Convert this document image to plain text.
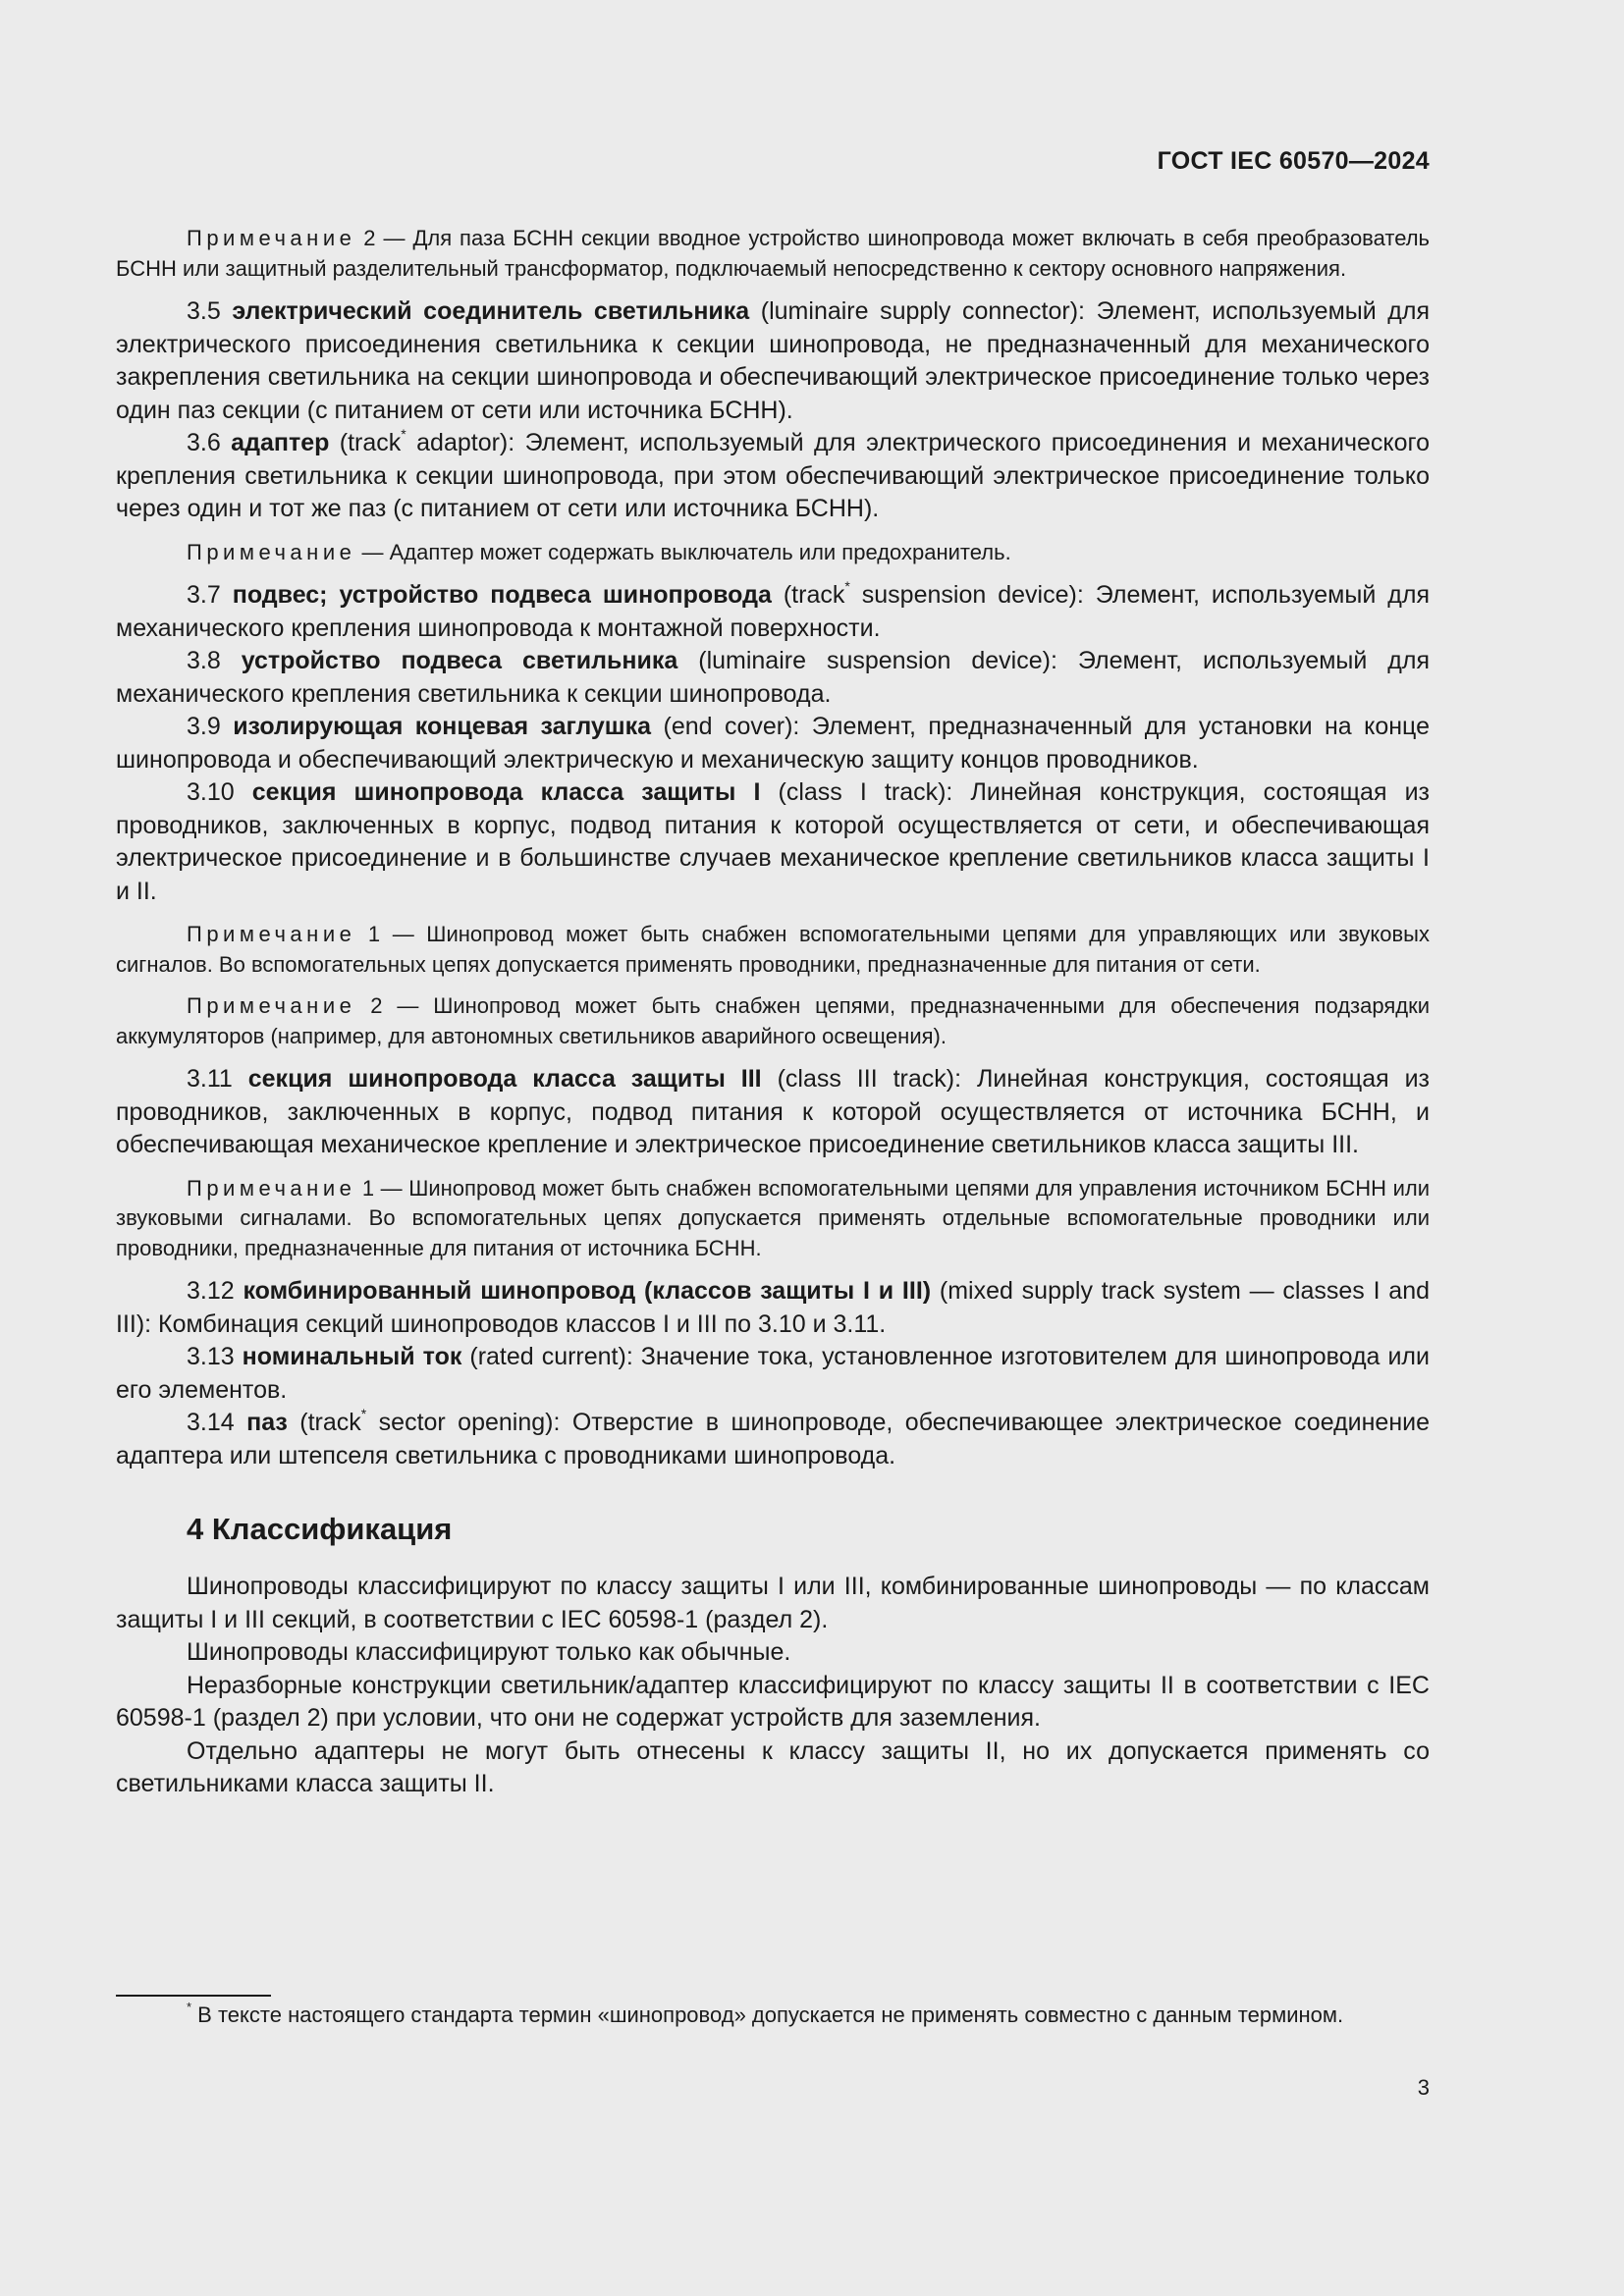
ГОСТ IEC 60570—2024

Примечание 2 — Для паза БСНН секции вводное устройство шинопровода может включать в себя преобразователь БСНН или защитный разделительный трансформатор, подключаемый непосредственно к сектору основного напряжения.

3.5 электрический соединитель светильника (luminaire supply connector): Элемент, используемый для электрического присоединения светильника к секции шинопровода, не предназначенный для механического закрепления светильника на секции шинопровода и обеспечивающий электрическое присоединение только через один паз секции (с питанием от сети или источника БСНН).

3.6 адаптер (track* adaptor): Элемент, используемый для электрического присоединения и механического крепления светильника к секции шинопровода, при этом обеспечивающий электрическое присоединение только через один и тот же паз (с питанием от сети или источника БСНН).

Примечание — Адаптер может содержать выключатель или предохранитель.

3.7 подвес; устройство подвеса шинопровода (track* suspension device): Элемент, используемый для механического крепления шинопровода к монтажной поверхности.

3.8 устройство подвеса светильника (luminaire suspension device): Элемент, используемый для механического крепления светильника к секции шинопровода.

3.9 изолирующая концевая заглушка (end cover): Элемент, предназначенный для установки на конце шинопровода и обеспечивающий электрическую и механическую защиту концов проводников.

3.10 секция шинопровода класса защиты I (class I track): Линейная конструкция, состоящая из проводников, заключенных в корпус, подвод питания к которой осуществляется от сети, и обеспечивающая электрическое присоединение и в большинстве случаев механическое крепление светильников класса защиты I и II.

Примечание 1 — Шинопровод может быть снабжен вспомогательными цепями для управляющих или звуковых сигналов. Во вспомогательных цепях допускается применять проводники, предназначенные для питания от сети.

Примечание 2 — Шинопровод может быть снабжен цепями, предназначенными для обеспечения подзарядки аккумуляторов (например, для автономных светильников аварийного освещения).

3.11 секция шинопровода класса защиты III (class III track): Линейная конструкция, состоящая из проводников, заключенных в корпус, подвод питания к которой осуществляется от источника БСНН, и обеспечивающая механическое крепление и электрическое присоединение светильников класса защиты III.

Примечание 1 — Шинопровод может быть снабжен вспомогательными цепями для управления источником БСНН или звуковыми сигналами. Во вспомогательных цепях допускается применять отдельные вспомогательные проводники или проводники, предназначенные для питания от источника БСНН.

3.12 комбинированный шинопровод (классов защиты I и III) (mixed supply track system — classes I and III): Комбинация секций шинопроводов классов I и III по 3.10 и 3.11.

3.13 номинальный ток (rated current): Значение тока, установленное изготовителем для шинопровода или его элементов.

3.14 паз (track* sector opening): Отверстие в шинопроводе, обеспечивающее электрическое соединение адаптера или штепселя светильника с проводниками шинопровода.

4 Классификация

Шинопроводы классифицируют по классу защиты I или III, комбинированные шинопроводы — по классам защиты I и III секций, в соответствии с IEC 60598-1 (раздел 2).

Шинопроводы классифицируют только как обычные.

Неразборные конструкции светильник/адаптер классифицируют по классу защиты II в соответствии с IEC 60598-1 (раздел 2) при условии, что они не содержат устройств для заземления.

Отдельно адаптеры не могут быть отнесены к классу защиты II, но их допускается применять со светильниками класса защиты II.

* В тексте настоящего стандарта термин «шинопровод» допускается не применять совместно с данным термином.

3
